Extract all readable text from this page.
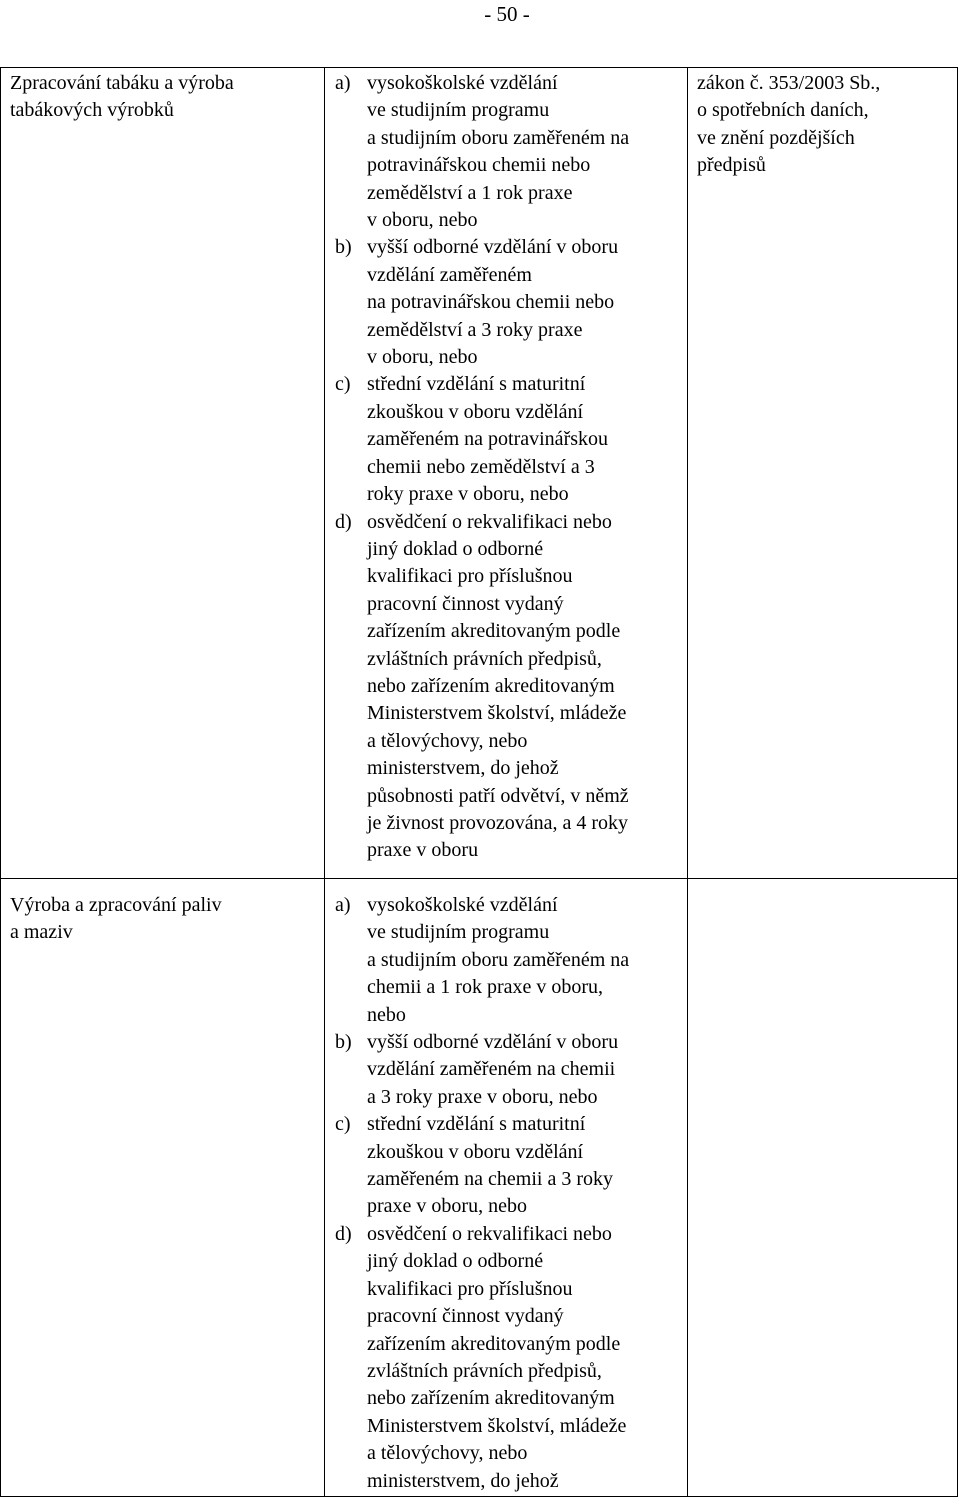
- 50 -
Zpracování tabáku a výroba
tabákových výrobků
a) vysokoškolské vzdělání
ve studijním programu
a studijním oboru zaměřeném na
potravinářskou chemii nebo
zemědělství a 1 rok praxe
v oboru, nebo
b) vyšší odborné vzdělání v oboru
vzdělání zaměřeném
na potravinářskou chemii nebo
zemědělství a 3 roky praxe
v oboru, nebo
c) střední vzdělání s maturitní
zkouškou v oboru vzdělání
zaměřeném na potravinářskou
chemii nebo zemědělství a 3
roky praxe v oboru, nebo
d) osvědčení o rekvalifikaci nebo
jiný doklad o odborné
kvalifikaci pro příslušnou
pracovní činnost vydaný
zařízením akreditovaným podle
zvláštních právních předpisů,
nebo zařízením akreditovaným
Ministerstvem školství, mládeže
a tělovýchovy, nebo
ministerstvem, do jehož
působnosti patří odvětví, v němž
je živnost provozována, a 4 roky
praxe v oboru
zákon č. 353/2003 Sb.,
o spotřebních daních,
ve znění pozdějších
předpisů
Výroba a zpracování paliv
a maziv
a) vysokoškolské vzdělání
ve studijním programu
a studijním oboru zaměřeném na
chemii a 1 rok praxe v oboru,
nebo
b) vyšší odborné vzdělání v oboru
vzdělání zaměřeném na chemii
a 3 roky praxe v oboru, nebo
c) střední vzdělání s maturitní
zkouškou v oboru vzdělání
zaměřeném na chemii a 3 roky
praxe v oboru, nebo
d) osvědčení o rekvalifikaci nebo
jiný doklad o odborné
kvalifikaci pro příslušnou
pracovní činnost vydaný
zařízením akreditovaným podle
zvláštních právních předpisů,
nebo zařízením akreditovaným
Ministerstvem školství, mládeže
a tělovýchovy, nebo
ministerstvem, do jehož
